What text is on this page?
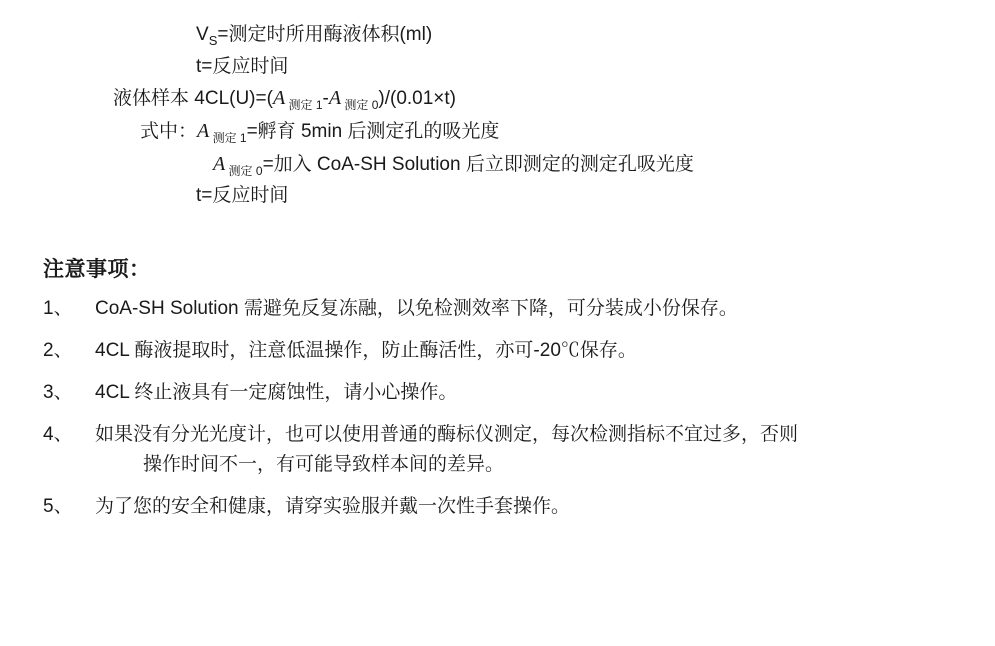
$V_S=$测定时所用酶液体积(ml)
t=反应时间
液体样本 4CL(U)=(A $_{测定 1}$-A $_{测定 0}$)/(0.01×t)
式中：A $_{测定 1}$=孵育 5min 后测定孔的吸光度
A $_{测定 0}$=加入 CoA-SH Solution 后立即测定的测定孔吸光度
t=反应时间
注意事项：
1、	CoA-SH Solution 需避免反复冻融，以免检测效率下降，可分装成小份保存。
2、	4CL 酶液提取时，注意低温操作，防止酶活性，亦可-20℃保存。
3、	4CL 终止液具有一定腐蚀性，请小心操作。
4、	如果没有分光光度计，也可以使用普通的酶标仪测定，每次检测指标不宜过多，否则
操作时间不一，有可能导致样本间的差异。
5、	为了您的安全和健康，请穿实验服并戴一次性手套操作。
